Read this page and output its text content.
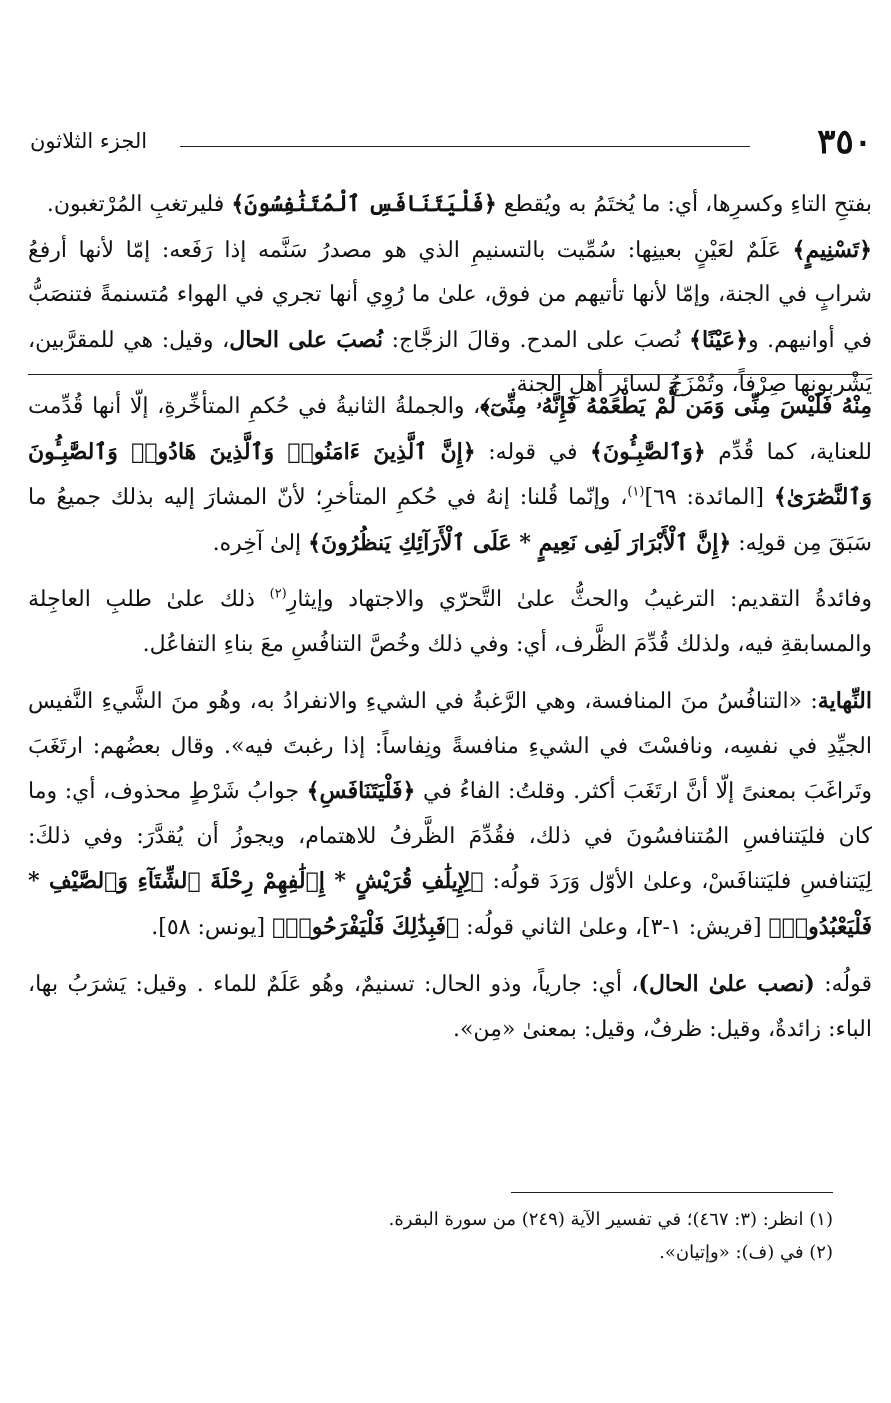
٣٥٠
الجزء الثلاثون

بفتحِ التاءِ وكسرِها، أي: ما يُختَمُ به ويُقطع ﴿فَلْيَتَنَافَسِ ٱلْمُتَنَٰفِسُونَ﴾ فليرتغبِ المُرْتغبون.

﴿تَسْنِيمٍ﴾ عَلَمٌ لعَيْنٍ بعينِها: سُمِّيت بالتسنيمِ الذي هو مصدرُ سَنَّمه إذا رَفَعه: إمّا لأنها أرفعُ شرابٍ في الجنة، وإمّا لأنها تأتيهم من فوق، علىٰ ما رُوِي أنها تجري في الهواء مُتسنمةً فتنصَبُّ في أوانيهم. و﴿عَيْنًا﴾ نُصبَ على المدح. وقالَ الزجَّاج: نُصبَ على الحال، وقيل: هي للمقرَّبين، يَشْربونها صِرْفاً، وتُمْزَجُ لسائرِ أهلِ الجنة.

مِنْهُ فَلَيْسَ مِنِّى وَمَن لَّمْ يَطْعَمْهُ فَإِنَّهُۥ مِنِّىٓ﴾، والجملةُ الثانيةُ في حُكمِ المتأخِّرةِ، إلّا أنها قُدِّمت للعناية، كما قُدِّم ﴿وَٱلصَّٰبِـُٔونَ﴾ في قوله: ﴿إِنَّ ٱلَّذِينَ ءَامَنُوا۟ وَٱلَّذِينَ هَادُوا۟ وَٱلصَّٰبِـُٔونَ وَٱلنَّصَٰرَىٰ﴾ [المائدة: ٦٩]$^{(١)}$، وإنّما قُلنا: إنهُ في حُكمِ المتأخرِ؛ لأنّ المشارَ إليه بذلك جميعُ ما سَبَقَ مِن قولِه: ﴿إِنَّ ٱلْأَبْرَارَ لَفِى نَعِيمٍ * عَلَى ٱلْأَرَآئِكِ يَنظُرُونَ﴾ إلىٰ آخِره.

وفائدةُ التقديم: الترغيبُ والحثُّ علىٰ التَّحرّي والاجتهاد وإيثارِ$^{(٢)}$ ذلك علىٰ طلبِ العاجِلة والمسابقةِ فيه، ولذلك قُدِّمَ الظَّرف، أي: وفي ذلك وخُصَّ التنافُسِ معَ بناءِ التفاعُل.

النِّهاية: «التنافُسُ منَ المنافسة، وهي الرَّغبةُ في الشيءِ والانفرادُ به، وهُو منَ الشَّيءِ النَّفيس الجيِّدِ في نفسِه، ونافسْتَ في الشيءِ منافسةً ونِفاساً: إذا رغبتَ فيه». وقال بعضُهم: ارتَغَبَ وتَراغَبَ بمعنىً إلّا أنَّ ارتَغَبَ أكثر. وقلتُ: الفاءُ في ﴿فَلْيَتَنَافَسِ﴾ جوابُ شَرْطٍ محذوف، أي: وما كان فليَتنافسِ المُتنافسُونَ في ذلك، فقُدِّمَ الظَّرفُ للاهتمام، ويجوزُ أن يُقدَّرَ: وفي ذلكَ: لِيَتنافسِ فليَتنافَسْ، وعلىٰ الأوّل وَرَدَ قولُه: ﴿لِإِيلَٰفِ قُرَيْشٍ * إِۦلَٰفِهِمْ رِحْلَةَ ٱلشِّتَآءِ وَٱلصَّيْفِ * فَلْيَعْبُدُوا۟﴾ [قريش: ١-٣]، وعلىٰ الثاني قولُه: ﴿فَبِذَٰلِكَ فَلْيَفْرَحُوا۟﴾ [يونس: ٥٨].

قولُه: (نصب علىٰ الحال)، أي: جارياً، وذو الحال: تسنيمٌ، وهُو عَلَمٌ للماء . وقيل: يَشرَبُ بها، الباء: زائدةٌ، وقيل: ظرفٌ، وقيل: بمعنىٰ «مِن».

(١) انظر: (٣: ٤٦٧)؛ في تفسير الآية (٢٤٩) من سورة البقرة.
(٢) في (ف): «وإتيان».
